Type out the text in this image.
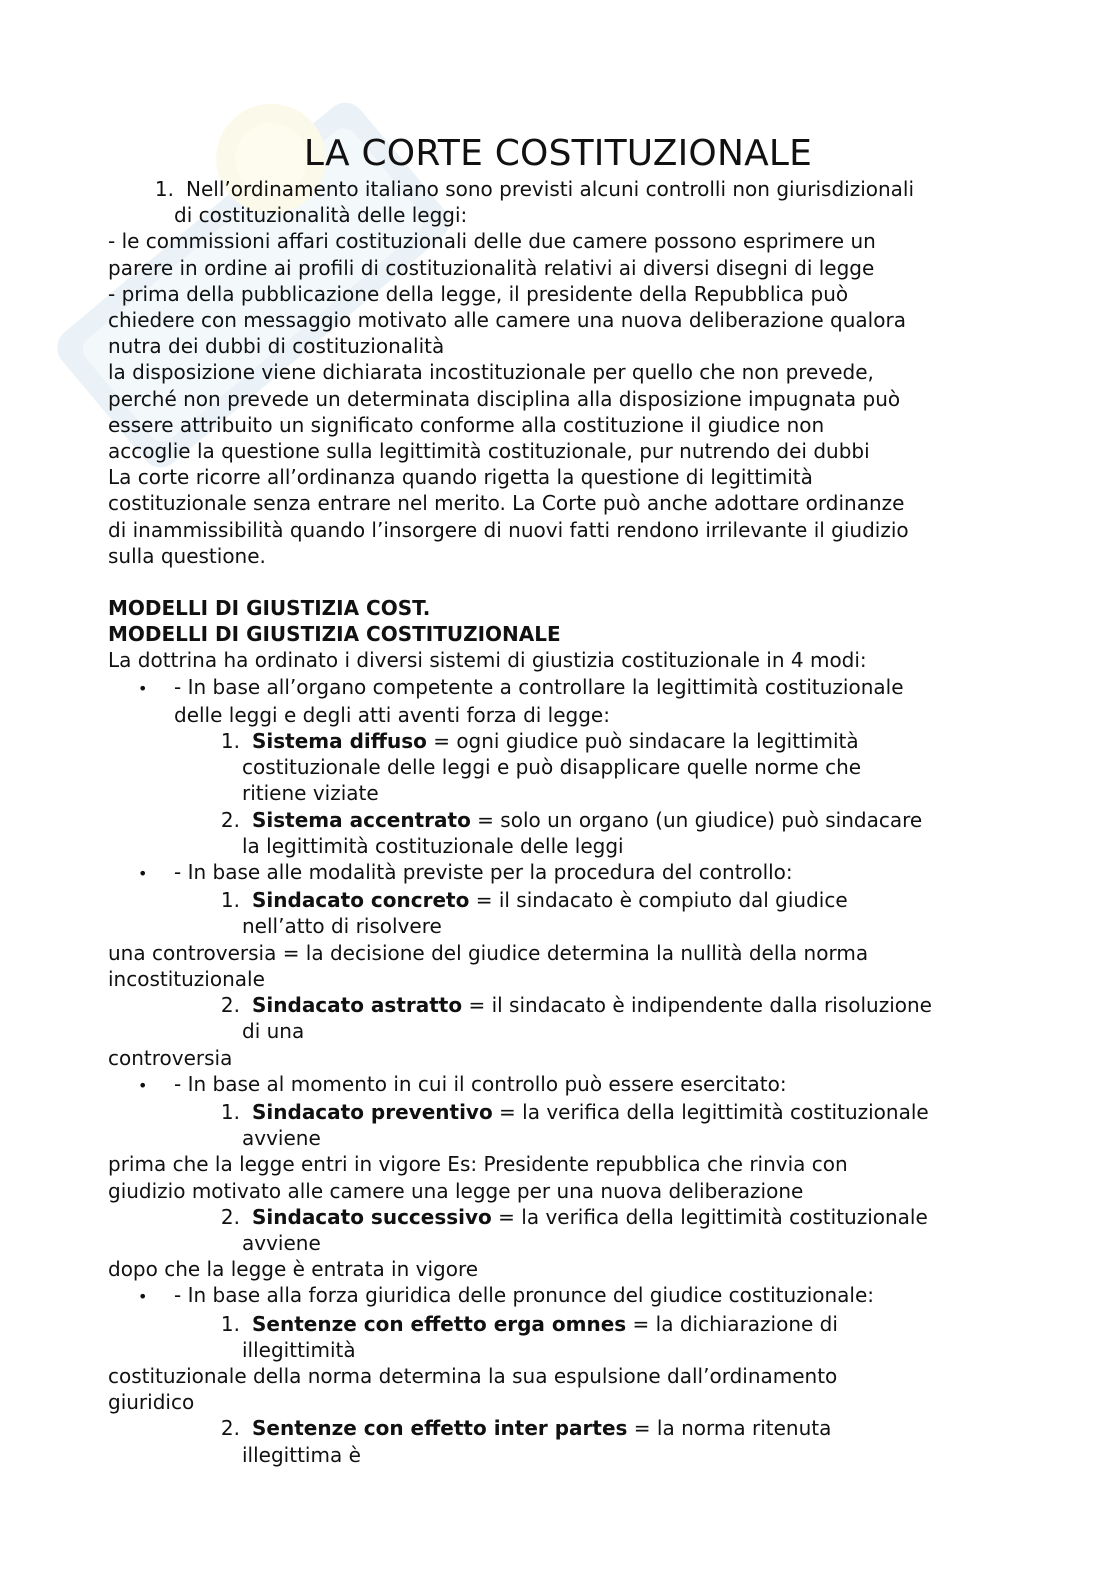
LA CORTE COSTITUZIONALE
1. Nell’ordinamento italiano sono previsti alcuni controlli non giurisdizionali
di costituzionalità delle leggi:
- le commissioni affari costituzionali delle due camere possono esprimere un
parere in ordine ai profili di costituzionalità relativi ai diversi disegni di legge
- prima della pubblicazione della legge, il presidente della Repubblica può
chiedere con messaggio motivato alle camere una nuova deliberazione qualora
nutra dei dubbi di costituzionalità
la disposizione viene dichiarata incostituzionale per quello che non prevede,
perché non prevede un determinata disciplina alla disposizione impugnata può
essere attribuito un significato conforme alla costituzione il giudice non
accoglie la questione sulla legittimità costituzionale, pur nutrendo dei dubbi
La corte ricorre all’ordinanza quando rigetta la questione di legittimità
costituzionale senza entrare nel merito. La Corte può anche adottare ordinanze
di inammissibilità quando l’insorgere di nuovi fatti rendono irrilevante il giudizio
sulla questione.
MODELLI DI GIUSTIZIA COST.
MODELLI DI GIUSTIZIA COSTITUZIONALE
La dottrina ha ordinato i diversi sistemi di giustizia costituzionale in 4 modi:
• - In base all’organo competente a controllare la legittimità costituzionale
delle leggi e degli atti aventi forza di legge:
1. Sistema diffuso = ogni giudice può sindacare la legittimità
costituzionale delle leggi e può disapplicare quelle norme che
ritiene viziate
2. Sistema accentrato = solo un organo (un giudice) può sindacare
la legittimità costituzionale delle leggi
• - In base alle modalità previste per la procedura del controllo:
1. Sindacato concreto = il sindacato è compiuto dal giudice
nell’atto di risolvere
una controversia = la decisione del giudice determina la nullità della norma
incostituzionale
2. Sindacato astratto = il sindacato è indipendente dalla risoluzione
di una
controversia
• - In base al momento in cui il controllo può essere esercitato:
1. Sindacato preventivo = la verifica della legittimità costituzionale
avviene
prima che la legge entri in vigore Es: Presidente repubblica che rinvia con
giudizio motivato alle camere una legge per una nuova deliberazione
2. Sindacato successivo = la verifica della legittimità costituzionale
avviene
dopo che la legge è entrata in vigore
• - In base alla forza giuridica delle pronunce del giudice costituzionale:
1. Sentenze con effetto erga omnes = la dichiarazione di
illegittimità
costituzionale della norma determina la sua espulsione dall’ordinamento
giuridico
2. Sentenze con effetto inter partes = la norma ritenuta
illegittima è
